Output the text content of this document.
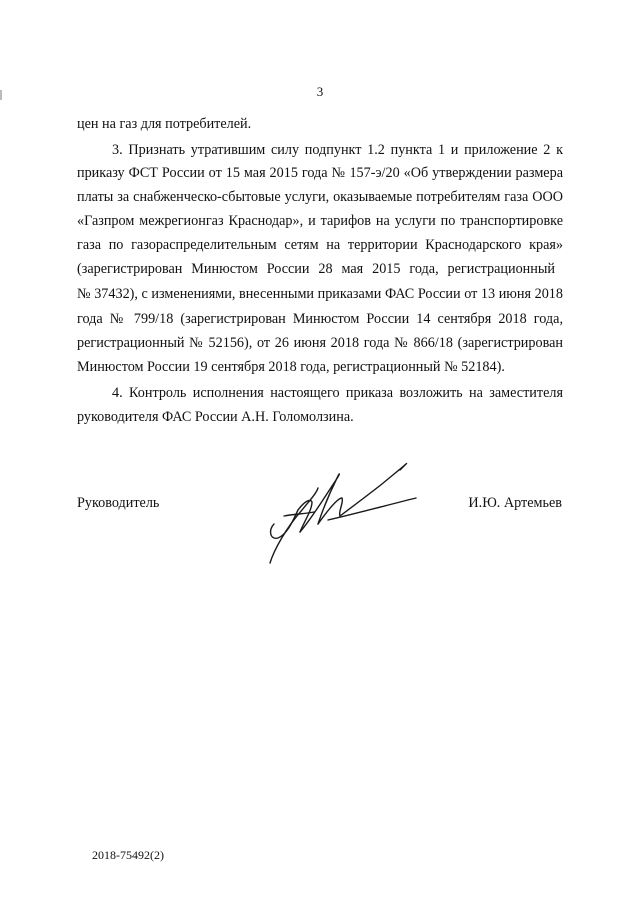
3
цен на газ для потребителей.
3. Признать утратившим силу подпункт 1.2 пункта 1 и приложение 2 к
приказу ФСТ России от 15 мая 2015 года № 157-э/20 «Об утверждении размера
платы за снабженческо-сбытовые услуги, оказываемые потребителям газа ООО
«Газпром межрегионгаз Краснодар», и тарифов на услуги по транспортировке
газа по газораспределительным сетям на территории Краснодарского края»
(зарегистрирован Минюстом России 28 мая 2015 года, регистрационный
№ 37432), с изменениями, внесенными приказами ФАС России от 13 июня 2018
года № 799/18 (зарегистрирован Минюстом России 14 сентября 2018 года,
регистрационный № 52156), от 26 июня 2018 года № 866/18 (зарегистрирован
Минюстом России 19 сентября 2018 года, регистрационный № 52184).
4. Контроль исполнения настоящего приказа возложить на заместителя
руководителя ФАС России А.Н. Голомолзина.
Руководитель	И.Ю. Артемьев
2018-75492(2)
